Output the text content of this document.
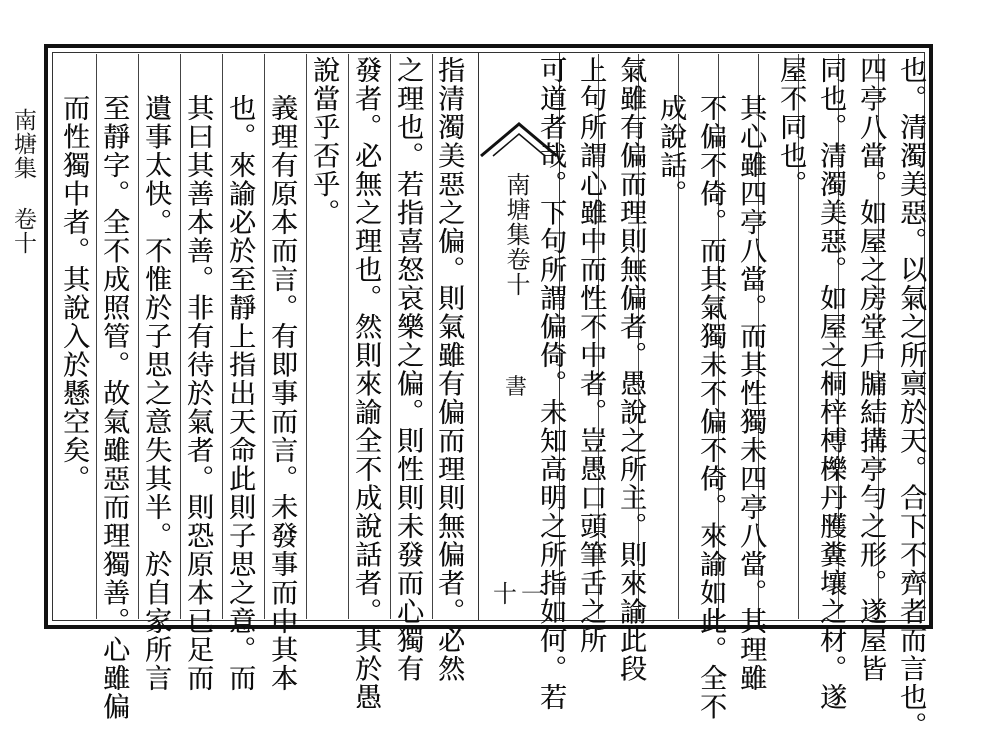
南塘集 卷十	指清濁美惡之偏。則氣雖有偏而理則無偏者。必然
之理也。若指喜怒哀樂之偏。則性則未發而心獨有
發者。必無之理也。然則來諭全不成說話者。其於愚
說當乎否乎。
義理有原本而言。有即事而言。未發事而中其本
也。來諭必於至靜上指出天命此則子思之意。而
其曰其善本善。非有待於氣者。則恐原本已足而
遺事太快。不惟於子思之意失其半。於自家所言
至靜字。全不成照管。故氣雖惡而理獨善。心雖偏
而性獨中者。其說入於懸空矣。	南塘集卷十
書
十一	也。清濁美惡。以氣之所禀於天。合下不齊者而言也。
四亭八當。如屋之房堂戶牖結搆亭勻之形。遂屋皆
同也。清濁美惡。如屋之桐梓榑櫟丹雘糞壤之材。遂
屋不同也。
其心雖四亭八當。而其性獨未四亭八當。其理雖
不偏不倚。而其氣獨未不偏不倚。來諭如此。全不
成說話。
氣雖有偏而理則無偏者。愚說之所主。則來諭此段
上句所謂心雖中而性不中者。豈愚口頭筆舌之所
可道者哉。下句所謂偏倚。未知高明之所指如何。若
